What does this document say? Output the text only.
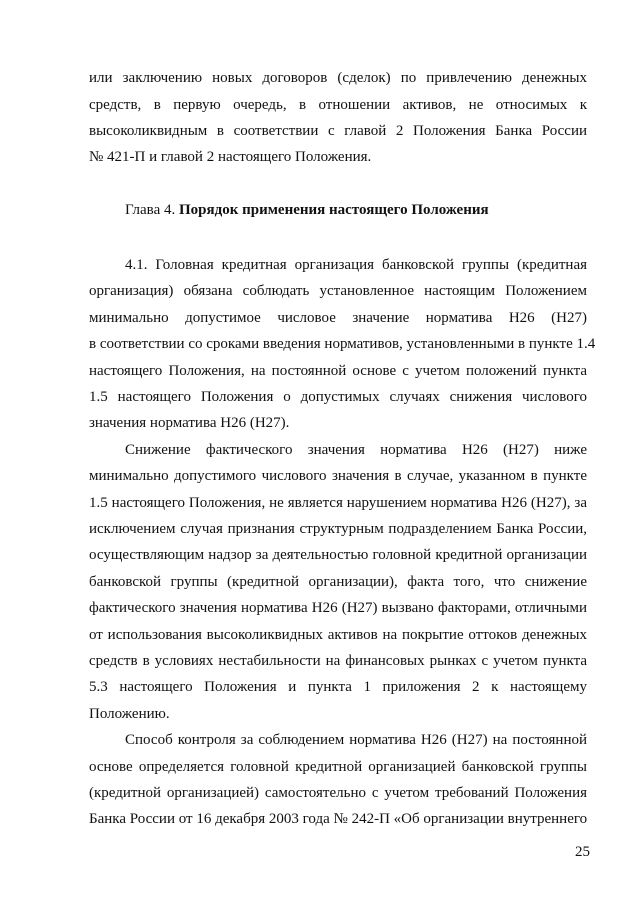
или заключению новых договоров (сделок) по привлечению денежных
средств, в первую очередь, в отношении активов, не относимых к
высоколиквидным в соответствии с главой 2 Положения Банка России
№ 421-П и главой 2 настоящего Положения.
Глава 4. Порядок применения настоящего Положения
4.1. Головная кредитная организация банковской группы (кредитная
организация) обязана соблюдать установленное настоящим Положением
минимально допустимое числовое значение норматива Н26 (Н27)
в соответствии со сроками введения нормативов, установленными в пункте 1.4
настоящего Положения, на постоянной основе с учетом положений пункта
1.5 настоящего Положения о допустимых случаях снижения числового
значения норматива Н26 (Н27).
Снижение фактического значения норматива Н26 (Н27) ниже
минимально допустимого числового значения в случае, указанном в пункте
1.5 настоящего Положения, не является нарушением норматива Н26 (Н27), за
исключением случая признания структурным подразделением Банка России,
осуществляющим надзор за деятельностью головной кредитной организации
банковской группы (кредитной организации), факта того, что снижение
фактического значения норматива Н26 (Н27) вызвано факторами, отличными
от использования высоколиквидных активов на покрытие оттоков денежных
средств в условиях нестабильности на финансовых рынках с учетом пункта
5.3 настоящего Положения и пункта 1 приложения 2 к настоящему
Положению.
Способ контроля за соблюдением норматива Н26 (Н27) на постоянной
основе определяется головной кредитной организацией банковской группы
(кредитной организацией) самостоятельно с учетом требований Положения
Банка России от 16 декабря 2003 года № 242-П «Об организации внутреннего
25
